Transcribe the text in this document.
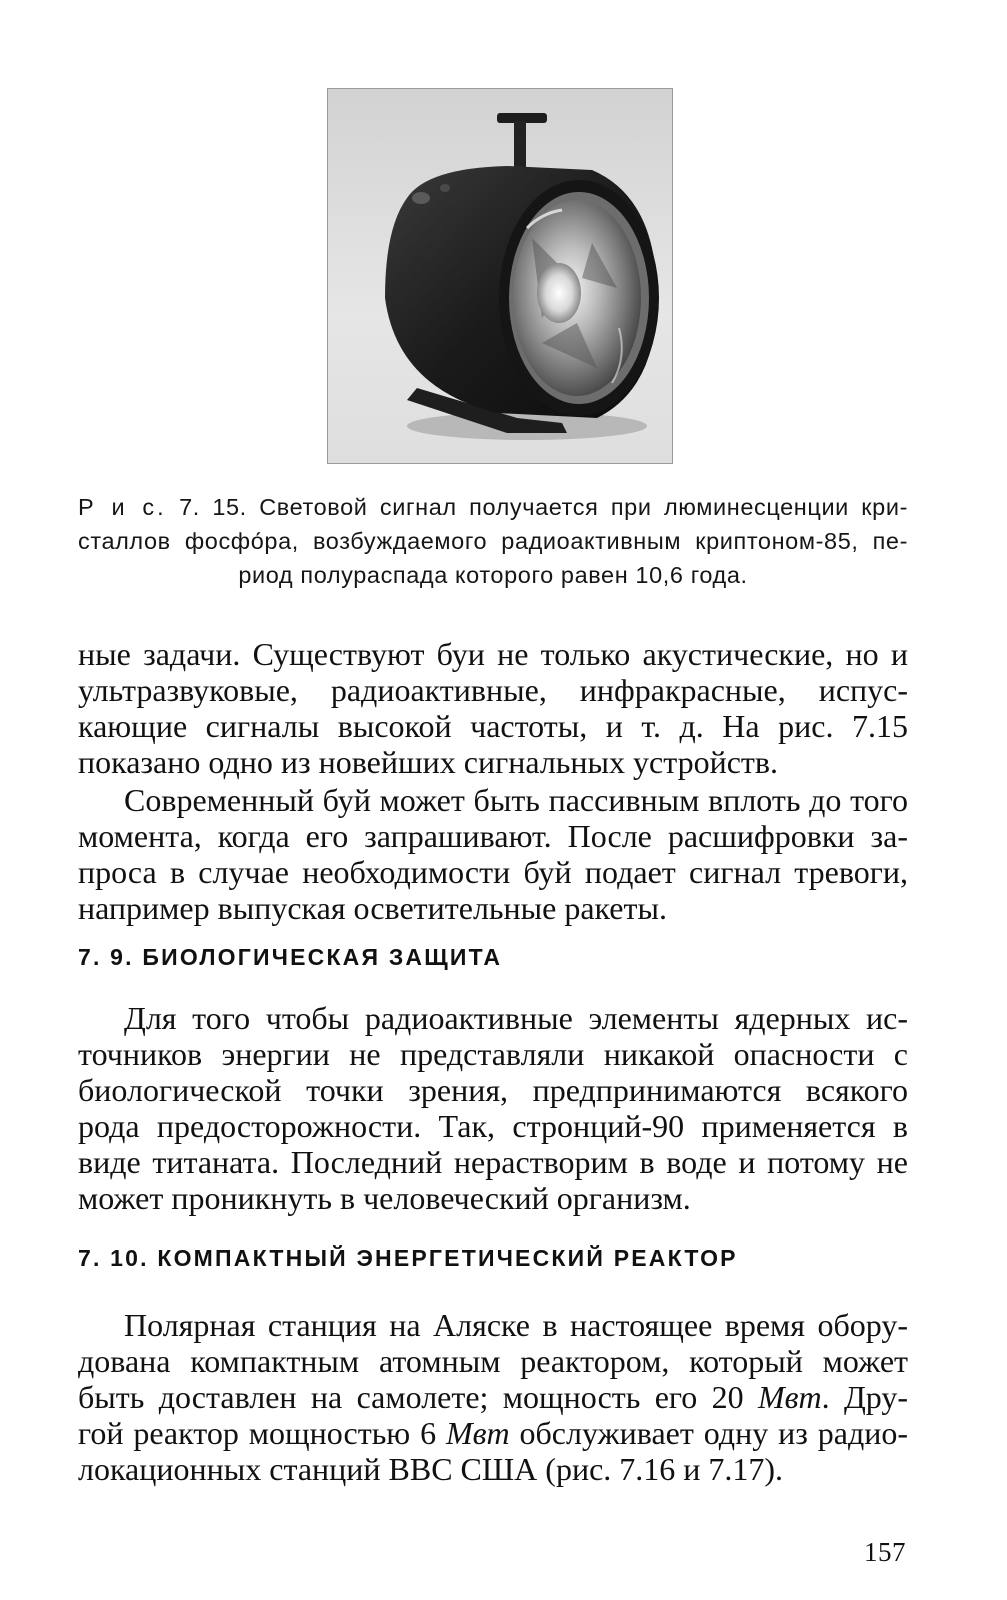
Р и с. 7. 15. Световой сигнал получается при люминесценции кри-
сталлов фосфо́ра, возбуждаемого радиоактивным криптоном-85, пе-
риод полураспада которого равен 10,6 года.
ные задачи. Существуют буи не только акустические, но и
ультразвуковые, радиоактивные, инфракрасные, испус-
кающие сигналы высокой частоты, и т. д. На рис. 7.15
показано одно из новейших сигнальных устройств.
Современный буй может быть пассивным вплоть до того
момента, когда его запрашивают. После расшифровки за-
проса в случае необходимости буй подает сигнал тревоги,
например выпуская осветительные ракеты.
7. 9. БИОЛОГИЧЕСКАЯ ЗАЩИТА
Для того чтобы радиоактивные элементы ядерных ис-
точников энергии не представляли никакой опасности с
биологической точки зрения, предпринимаются всякого
рода предосторожности. Так, стронций-90 применяется в
виде титаната. Последний нерастворим в воде и потому не
может проникнуть в человеческий организм.
7. 10. КОМПАКТНЫЙ ЭНЕРГЕТИЧЕСКИЙ РЕАКТОР
Полярная станция на Аляске в настоящее время обору-
дована компактным атомным реактором, который может
быть доставлен на самолете; мощность его 20 Мвт. Дру-
гой реактор мощностью 6 Мвт обслуживает одну из радио-
локационных станций ВВС США (рис. 7.16 и 7.17).
157
